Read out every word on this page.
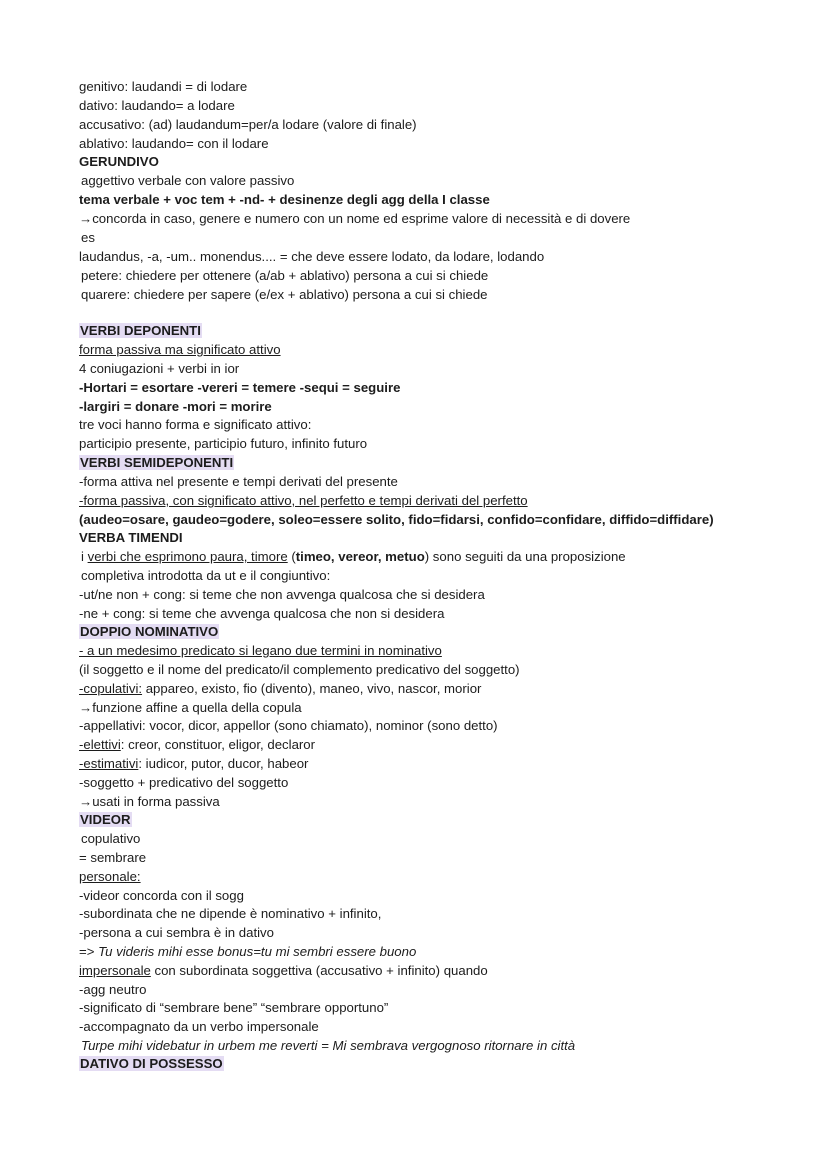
genitivo: laudandi = di lodare
dativo: laudando= a lodare
accusativo: (ad) laudandum=per/a lodare (valore di finale)
ablativo: laudando= con il lodare
GERUNDIVO
aggettivo verbale con valore passivo
tema verbale + voc tem + -nd- + desinenze degli agg della I classe
→concorda in caso, genere e numero con un nome ed esprime valore di necessità e di dovere
es
laudandus, -a, -um.. monendus.... = che deve essere lodato, da lodare, lodando
petere: chiedere per ottenere (a/ab + ablativo) persona a cui si chiede
quarere: chiedere per sapere (e/ex + ablativo) persona a cui si chiede
VERBI DEPONENTI
forma passiva ma significato attivo
4 coniugazioni + verbi in ior
-Hortari = esortare -vereri = temere -sequi = seguire
-largiri = donare -mori = morire
tre voci hanno forma e significato attivo:
participio presente, participio futuro, infinito futuro
VERBI SEMIDEPONENTI
-forma attiva nel presente e tempi derivati del presente
-forma passiva, con significato attivo, nel perfetto e tempi derivati del perfetto
(audeo=osare, gaudeo=godere, soleo=essere solito, fido=fidarsi, confido=confidare, diffido=diffidare)
VERBA TIMENDI
i verbi che esprimono paura, timore (timeo, vereor, metuo) sono seguiti da una proposizione
completiva introdotta da ut e il congiuntivo:
-ut/ne non + cong: si teme che non avvenga qualcosa che si desidera
-ne + cong: si teme che avvenga qualcosa che non si desidera
DOPPIO NOMINATIVO
- a un medesimo predicato si legano due termini in nominativo
(il soggetto e il nome del predicato/il complemento predicativo del soggetto)
-copulativi: appareo, existo, fio (divento), maneo, vivo, nascor, morior
→funzione affine a quella della copula
-appellativi: vocor, dicor, appellor (sono chiamato), nominor (sono detto)
-elettivi: creor, constituor, eligor, declaror
-estimativi: iudicor, putor, ducor, habeor
-soggetto + predicativo del soggetto
→usati in forma passiva
VIDEOR
copulativo
= sembrare
personale:
-videor concorda con il sogg
-subordinata che ne dipende è nominativo + infinito,
-persona a cui sembra è in dativo
=> Tu videris mihi esse bonus=tu mi sembri essere buono
impersonale con subordinata soggettiva (accusativo + infinito) quando
-agg neutro
-significato di “sembrare bene” “sembrare opportuno”
-accompagnato da un verbo impersonale
Turpe mihi videbatur in urbem me reverti = Mi sembrava vergognoso ritornare in città
DATIVO DI POSSESSO
